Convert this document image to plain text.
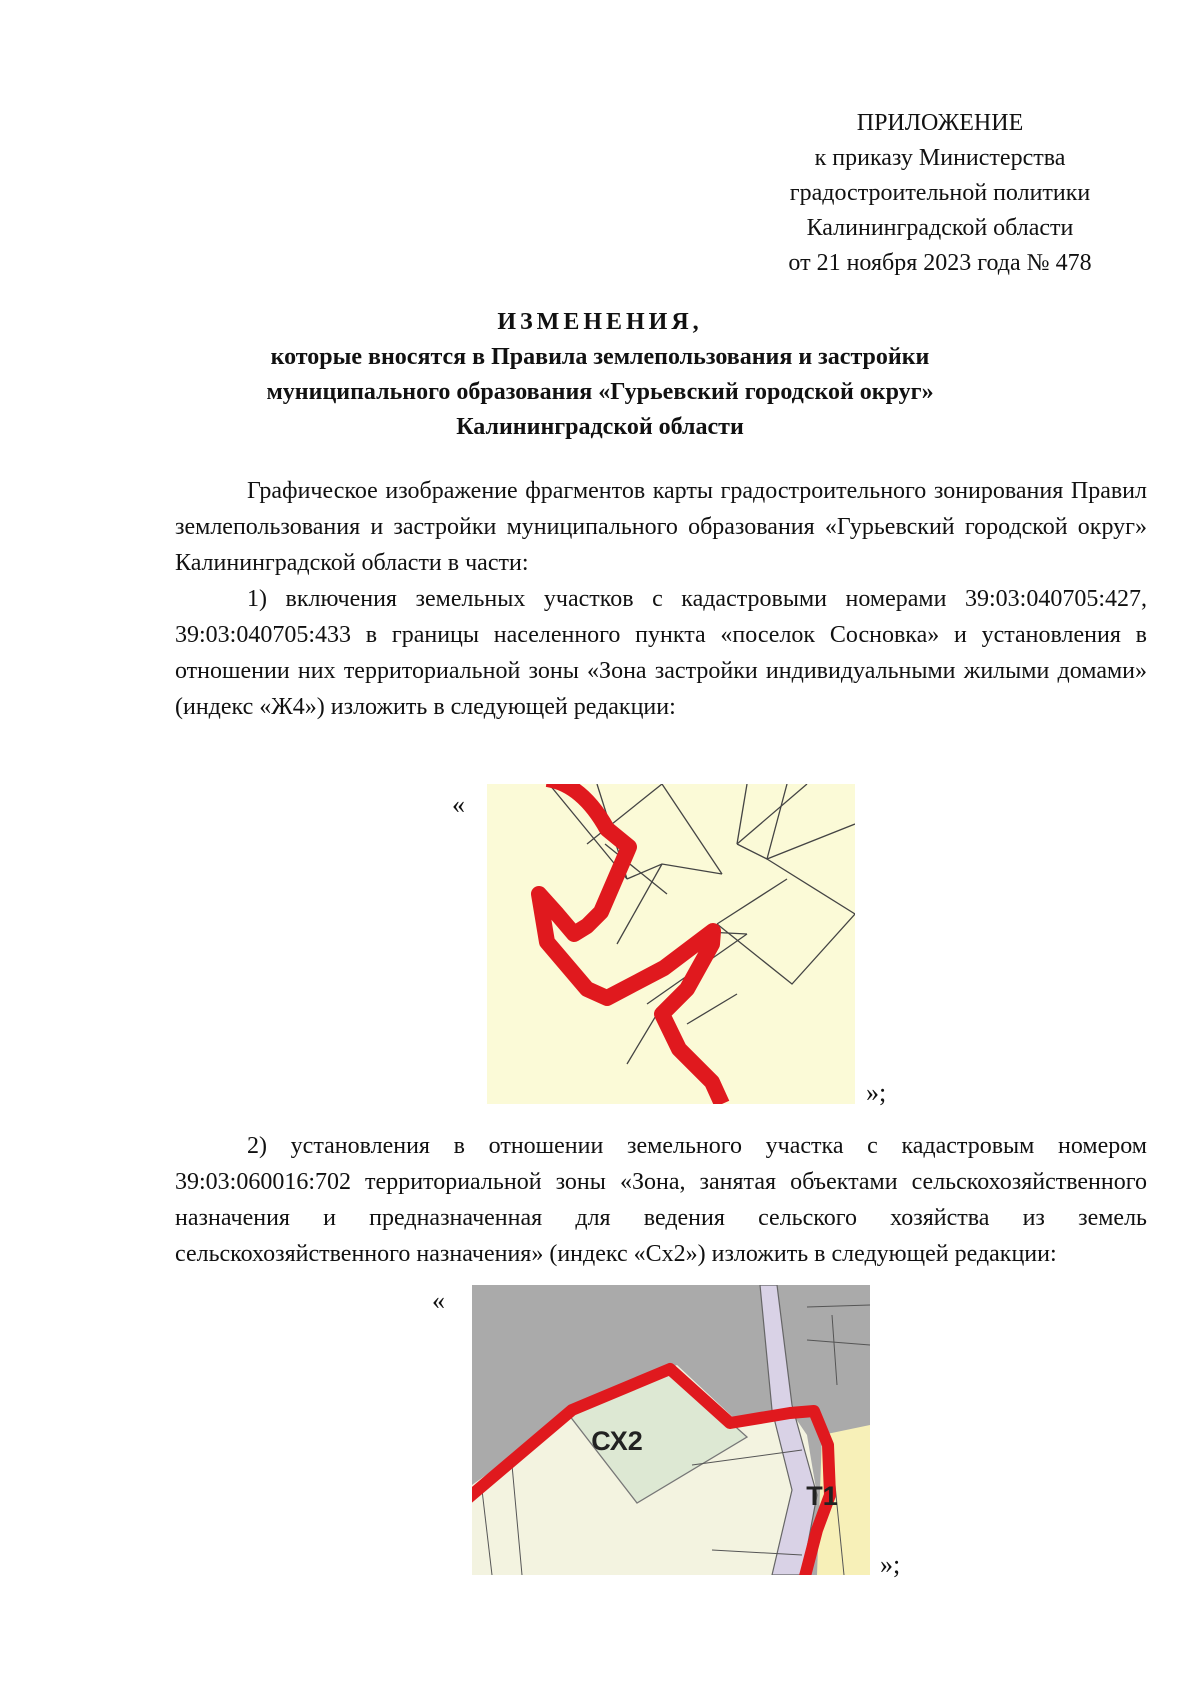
ПРИЛОЖЕНИЕ
к приказу Министерства
градостроительной политики
Калининградской области
от 21 ноября 2023 года № 478
ИЗМЕНЕНИЯ,
которые вносятся в Правила землепользования и застройки
муниципального образования «Гурьевский городской округ»
Калининградской области
Графическое изображение фрагментов карты градостроительного зонирования Правил землепользования и застройки муниципального образования «Гурьевский городской округ» Калининградской области в части:
1) включения земельных участков с кадастровыми номерами 39:03:040705:427, 39:03:040705:433 в границы населенного пункта «поселок Сосновка» и установления в отношении них территориальной зоны «Зона застройки индивидуальными жилыми домами» (индекс «Ж4») изложить в следующей редакции:
«
»;
2) установления в отношении земельного участка с кадастровым номером 39:03:060016:702 территориальной зоны «Зона, занятая объектами сельскохозяйственного назначения и предназначенная для ведения сельского хозяйства из земель сельскохозяйственного назначения» (индекс «Сх2») изложить в следующей редакции:
«
СХ2
Т1
»;
